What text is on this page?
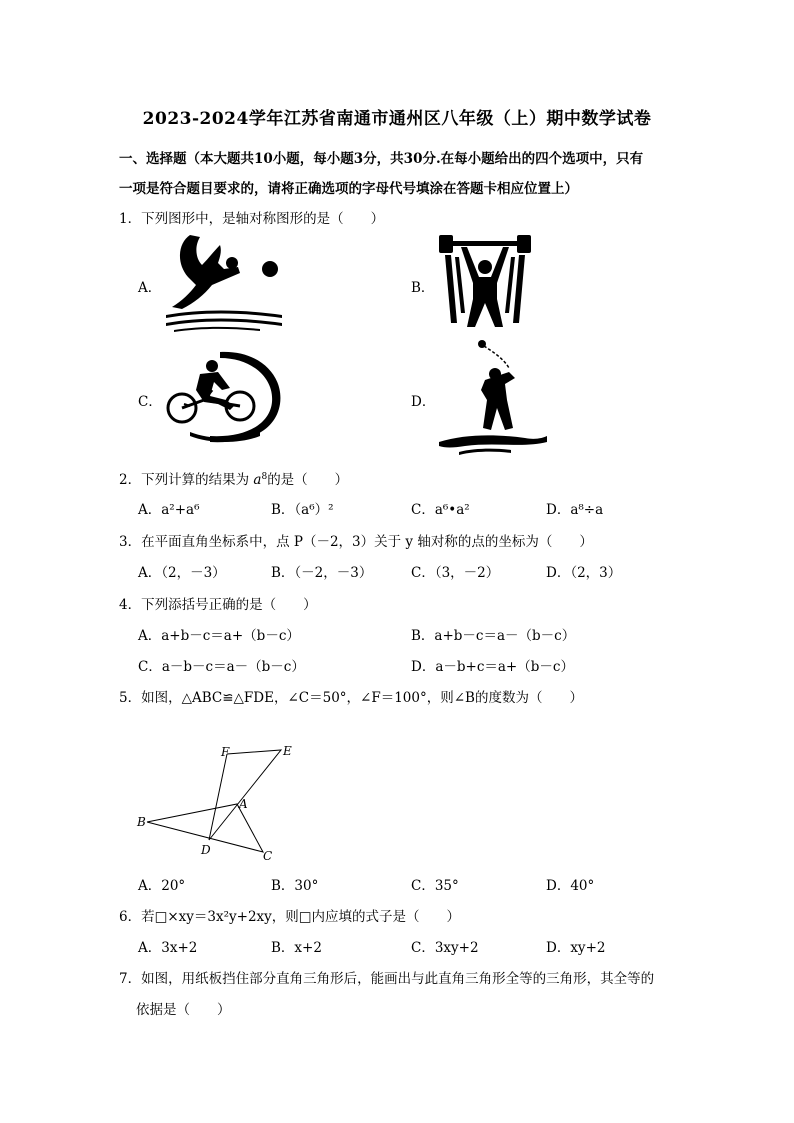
2023-2024学年江苏省南通市通州区八年级（上）期中数学试卷
一、选择题（本大题共10小题，每小题3分，共30分.在每小题给出的四个选项中，只有
一项是符合题目要求的，请将正确选项的字母代号填涂在答题卡相应位置上）
1．下列图形中，是轴对称图形的是（　　）
A．	B．
C．	D．
2．下列计算的结果为 $a^8$的是（　　）
A．a²+a⁶	B．（a⁶）²	C．a⁶•a²	D．a⁸÷a
3．在平面直角坐标系中，点 P（－2，3）关于 y 轴对称的点的坐标为（　　）
A．（2，－3）	B．（－2，－3）	C．（3，－2）	D．（2，3）
4．下列添括号正确的是（　　）
A．a+b－c＝a+（b－c）	B．a+b－c＝a－（b－c）
C．a－b－c＝a－（b－c）	D．a－b+c＝a+（b－c）
5．如图，△ABC≌△FDE，∠C＝50°，∠F＝100°，则∠B的度数为（　　）
F	E
A
B
D	C
A．20°	B．30°	C．35°	D．40°
6．若□×xy＝3x²y+2xy，则□内应填的式子是（　　）
A．3x+2	B．x+2	C．3xy+2	D．xy+2
7．如图，用纸板挡住部分直角三角形后，能画出与此直角三角形全等的三角形，其全等的
依据是（　　）
